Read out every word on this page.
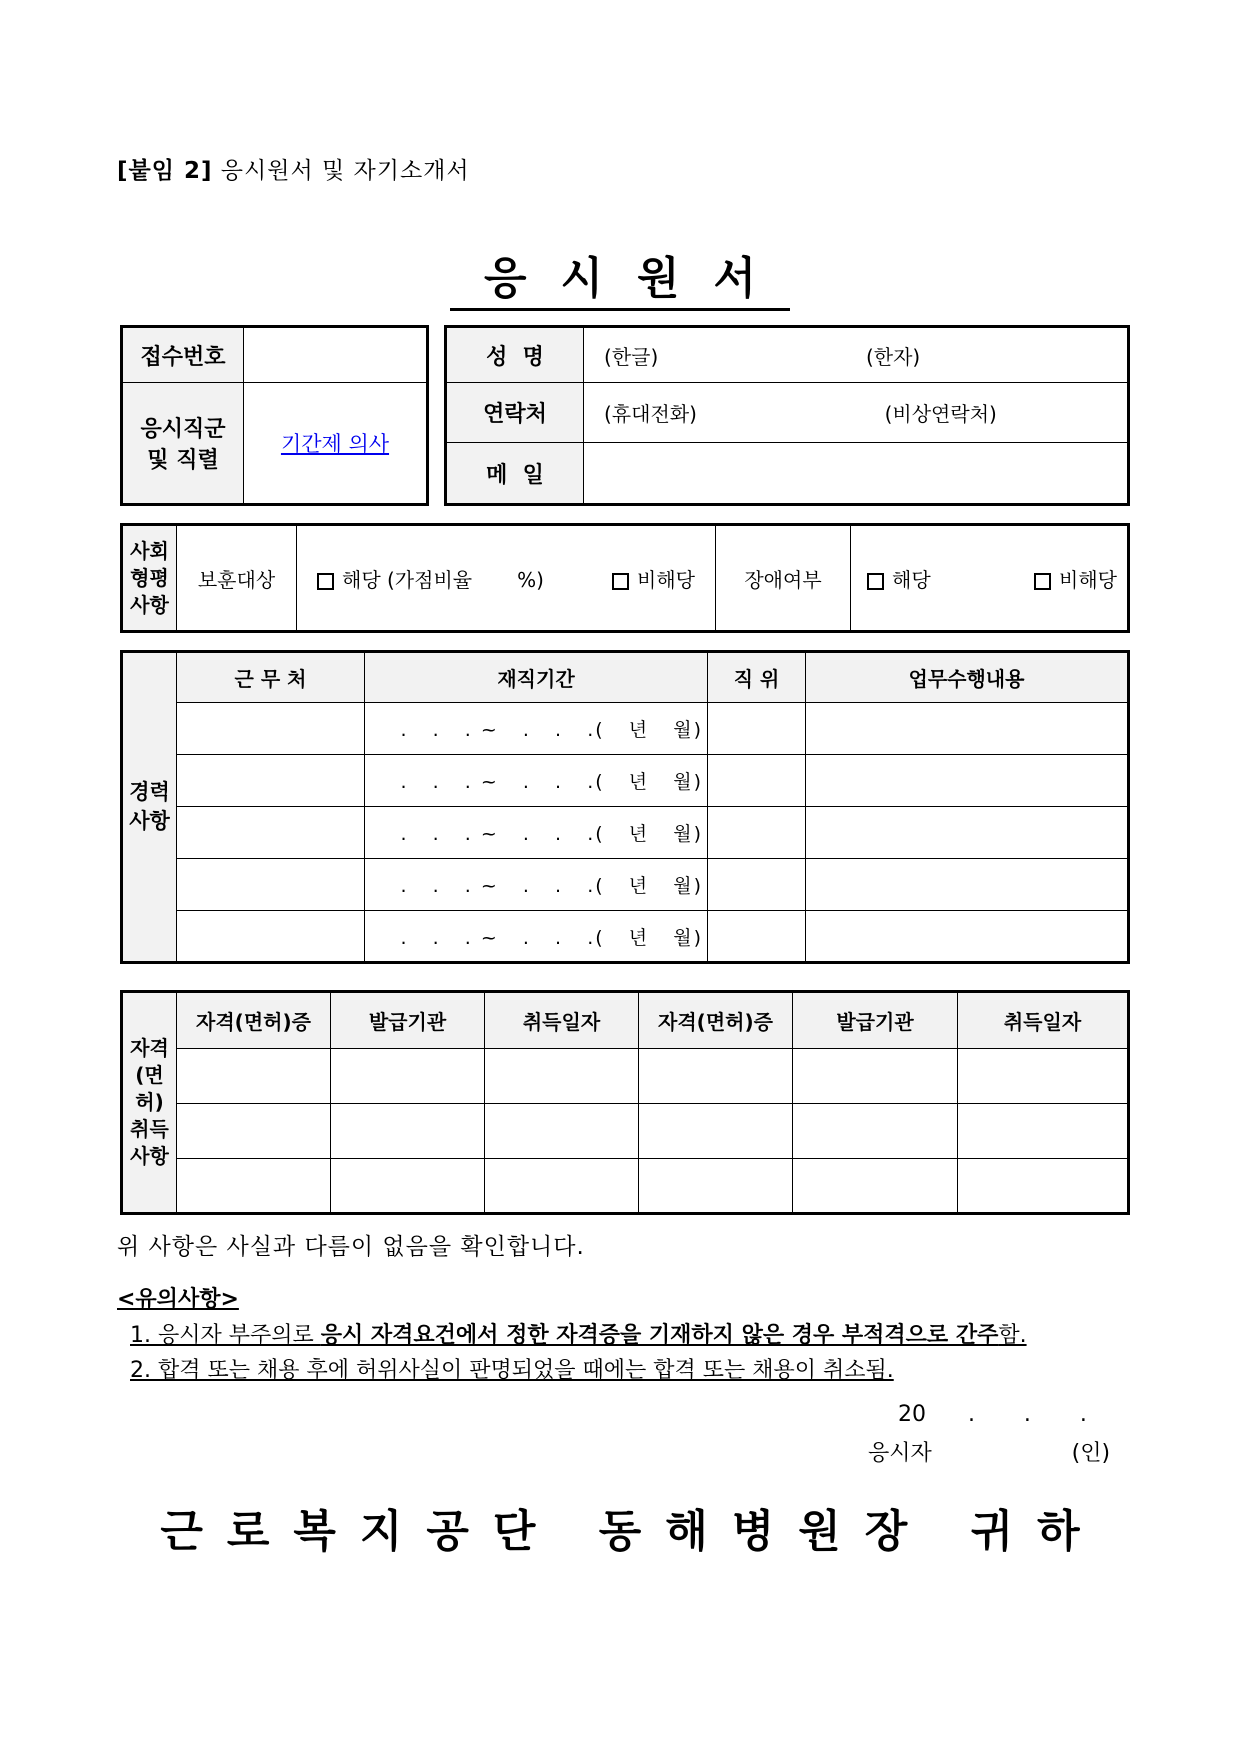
[붙임 2] 응시원서 및 자기소개서
응시원서
접수번호	

응시직군
및 직렬	기간제 의사
성  명	(한글) (한자)
연락처	(휴대전화) (비상연락처)
메  일	
사회
형평
사항
	보훈대상	해당 (가점비율 %)	비해당	장애여부	해당	비해당
경력
사항	근 무 처	재직기간	직 위	업무수행내용
		.   .   . ~   .   .   .(   년   월)		
		.   .   . ~   .   .   .(   년   월)		
		.   .   . ~   .   .   .(   년   월)		
		.   .   . ~   .   .   .(   년   월)		
		.   .   . ~   .   .   .(   년   월)		
자격
(면허)
취득
사항	자격(면허)증	발급기관	취득일자	자격(면허)증	발급기관	취득일자

위 사항은 사실과 다름이 없음을 확인합니다.
<유의사항>
1. 응시자 부주의로 응시 자격요건에서 정한 자격증을 기재하지 않은 경우 부적격으로 간주함.
2. 합격 또는 채용 후에 허위사실이 판명되었을 때에는 합격 또는 채용이 취소됨.
20      .       .       .
응시자                    (인)
근로복지공단 동해병원장 귀하
